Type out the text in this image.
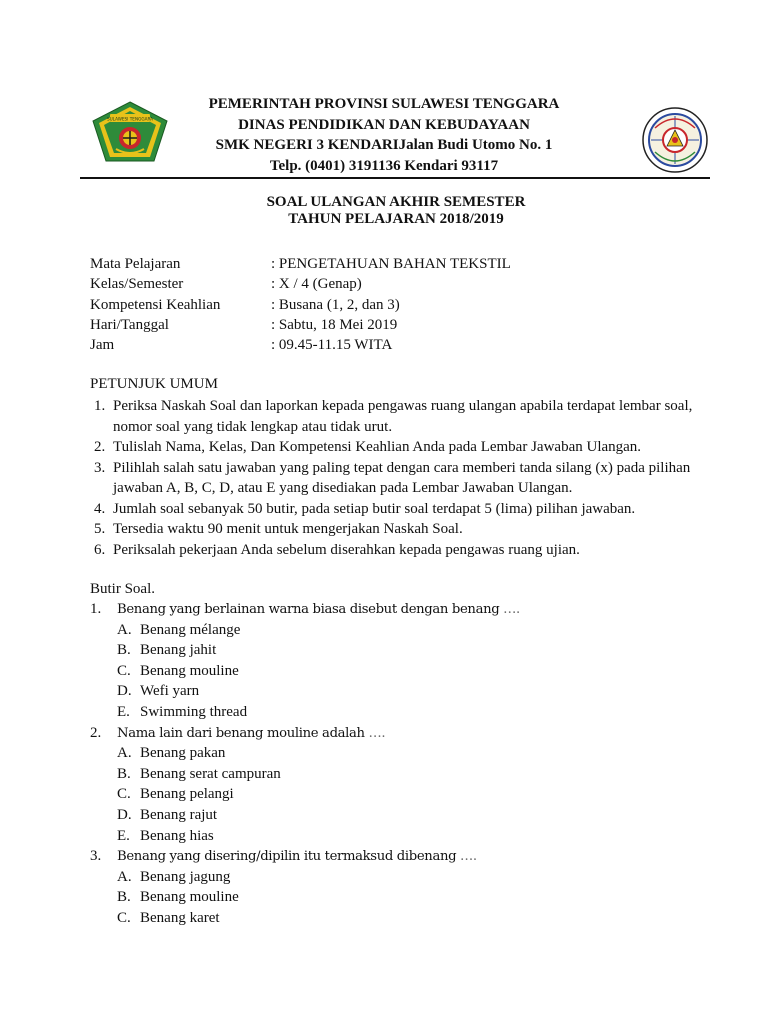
SULAWESI TENGGARA
PEMERINTAH PROVINSI SULAWESI TENGGARA
DINAS PENDIDIKAN DAN KEBUDAYAAN
SMK NEGERI 3 KENDARIJalan Budi Utomo No. 1
Telp. (0401) 3191136 Kendari 93117
SOAL ULANGAN AKHIR SEMESTER
TAHUN PELAJARAN 2018/2019
Mata Pelajaran	: PENGETAHUAN BAHAN TEKSTIL
Kelas/Semester	: X / 4 (Genap)
Kompetensi Keahlian	: Busana (1, 2, dan 3)
Hari/Tanggal	: Sabtu, 18 Mei 2019
Jam	: 09.45-11.15 WITA
PETUNJUK UMUM
1. Periksa Naskah Soal dan laporkan kepada pengawas ruang ulangan apabila terdapat lembar soal, nomor soal yang tidak lengkap atau tidak urut.
2. Tulislah Nama, Kelas, Dan Kompetensi Keahlian Anda pada Lembar Jawaban Ulangan.
3. Pilihlah salah satu jawaban yang paling tepat dengan cara memberi tanda silang (x) pada pilihan jawaban A, B, C, D, atau E yang disediakan pada Lembar Jawaban Ulangan.
4. Jumlah soal sebanyak 50 butir, pada setiap butir soal terdapat 5 (lima) pilihan jawaban.
5. Tersedia waktu 90 menit untuk mengerjakan Naskah Soal.
6. Periksalah pekerjaan Anda sebelum diserahkan kepada pengawas ruang ujian.
Butir Soal.
1. Benang yang berlainan warna biasa disebut dengan benang ….
A. Benang mélange
B. Benang jahit
C. Benang mouline
D. Wefi yarn
E. Swimming thread
2. Nama lain dari benang mouline adalah ….
A. Benang pakan
B. Benang serat campuran
C. Benang pelangi
D. Benang rajut
E. Benang hias
3. Benang yang disering/dipilin itu termaksud dibenang ….
A. Benang jagung
B. Benang mouline
C. Benang karet
